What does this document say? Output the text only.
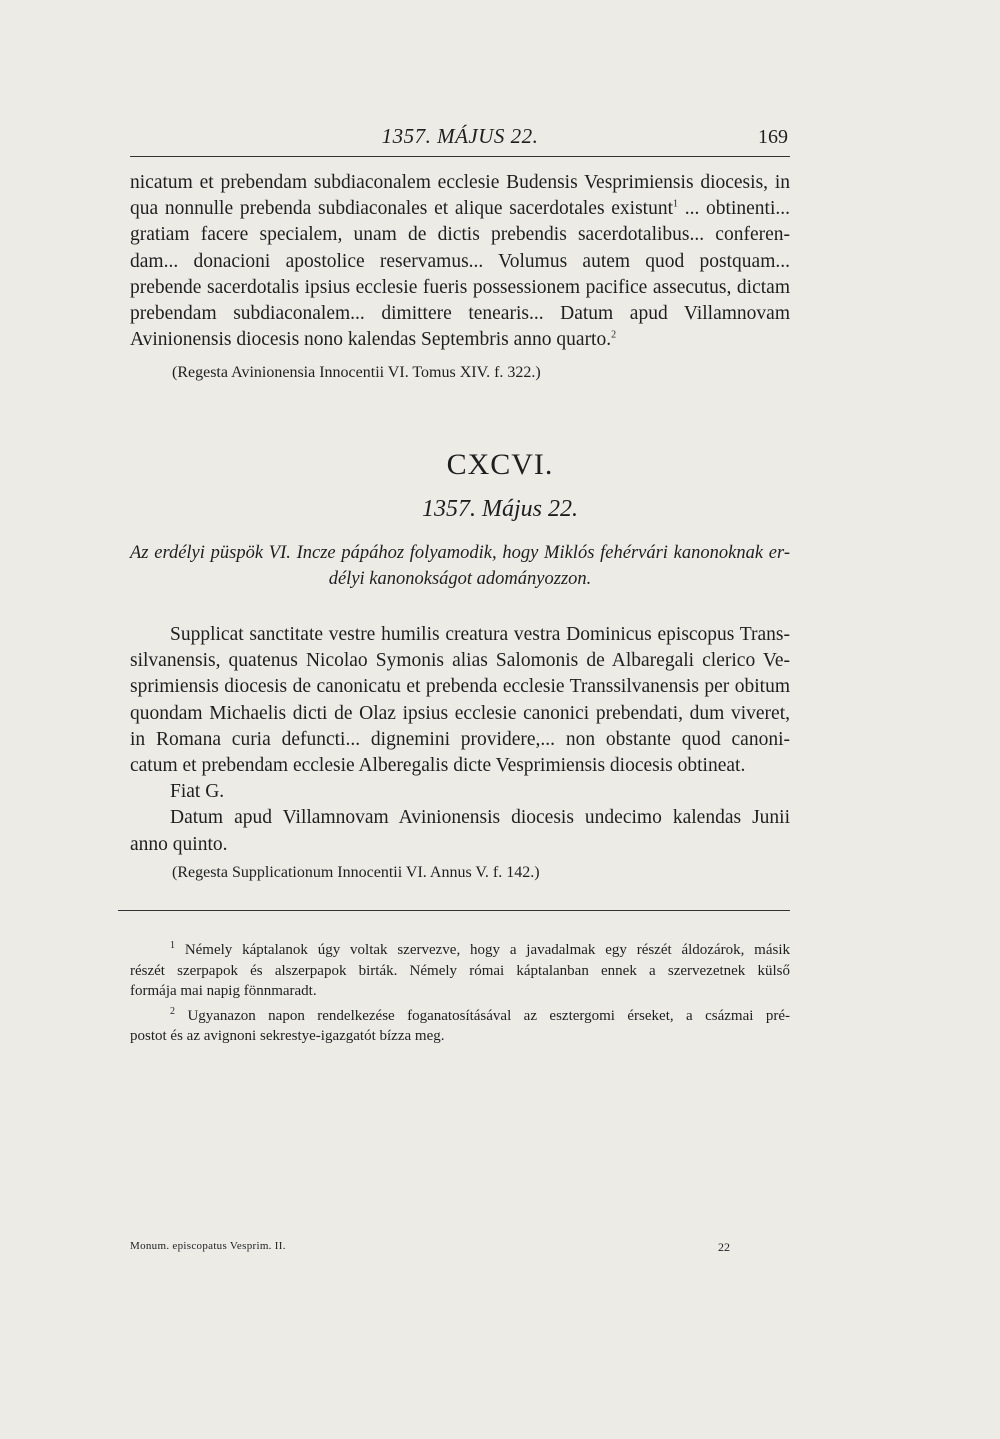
1357. MÁJUS 22.	169
nicatum et prebendam subdiaconalem ecclesie Budensis Vesprimiensis diocesis, in
qua nonnulle prebenda subdiaconales et alique sacerdotales existunt$^1$ ... obtinenti...
gratiam facere specialem, unam de dictis prebendis sacerdotalibus... conferen-
dam... donacioni apostolice reservamus... Volumus autem quod postquam...
prebende sacerdotalis ipsius ecclesie fueris possessionem pacifice assecutus, dictam
prebendam subdiaconalem... dimittere tenearis... Datum apud Villamnovam
Avinionensis diocesis nono kalendas Septembris anno quarto.$^2$
(Regesta Avinionensia Innocentii VI. Tomus XIV. f. 322.)
CXCVI.
1357. Május 22.
Az erdélyi püspök VI. Incze pápához folyamodik, hogy Miklós fehérvári kanonoknak er-
délyi kanonokságot adományozzon.
Supplicat sanctitate vestre humilis creatura vestra Dominicus episcopus Trans-
silvanensis, quatenus Nicolao Symonis alias Salomonis de Albaregali clerico Ve-
sprimiensis diocesis de canonicatu et prebenda ecclesie Transsilvanensis per obitum
quondam Michaelis dicti de Olaz ipsius ecclesie canonici prebendati, dum viveret,
in Romana curia defuncti... dignemini providere,... non obstante quod canoni-
catum et prebendam ecclesie Alberegalis dicte Vesprimiensis diocesis obtineat.
Fiat G.
Datum apud Villamnovam Avinionensis diocesis undecimo kalendas Junii
anno quinto.
(Regesta Supplicationum Innocentii VI. Annus V. f. 142.)
$^1$ Némely káptalanok úgy voltak szervezve, hogy a javadalmak egy részét áldozárok, másik
részét szerpapok és alszerpapok birták. Némely római káptalanban ennek a szervezetnek külső
formája mai napig fönnmaradt.
$^2$ Ugyanazon napon rendelkezése foganatosításával az esztergomi érseket, a csázmai pré-
postot és az avignoni sekrestye-igazgatót bízza meg.
Monum. episcopatus Vesprim. II.	22
